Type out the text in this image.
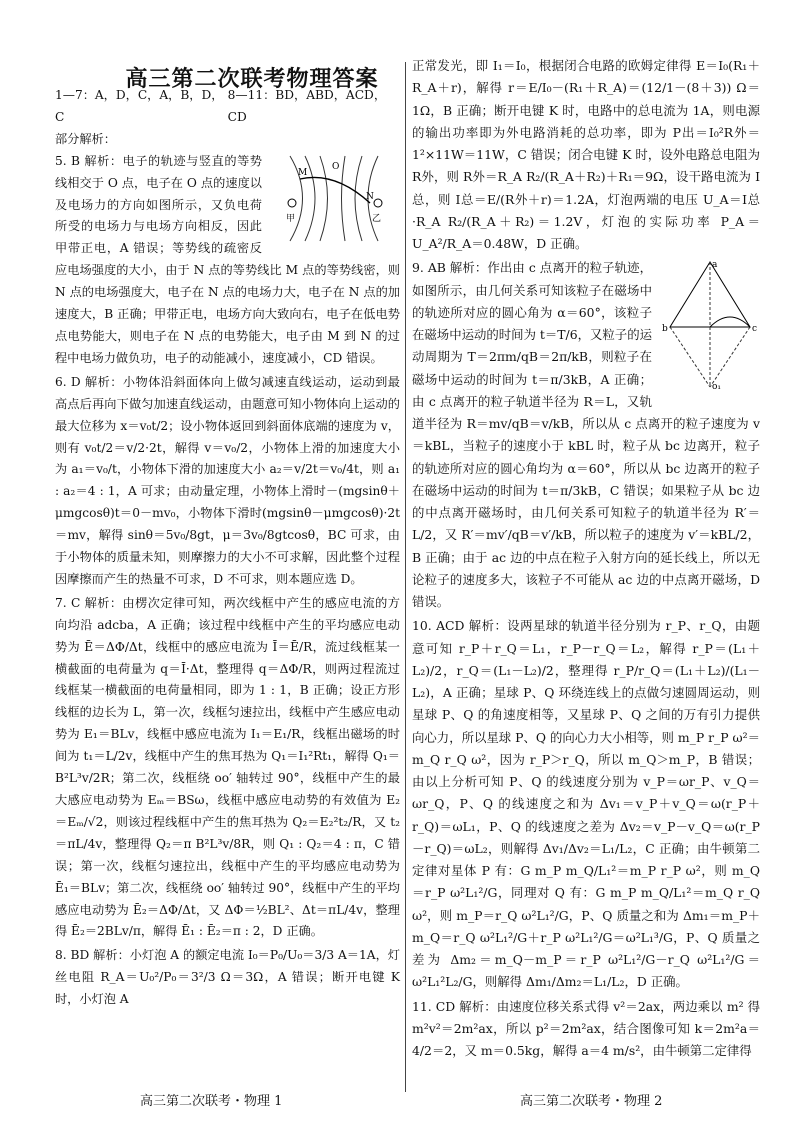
高三第二次联考物理答案
1—7：A，D，C，A，B，D，C
8—11：BD，ABD，ACD，CD
部分解析：
M
N
O
甲	乙

5. B 解析：电子的轨迹与竖直的等势线相交于 O 点，电子在 O 点的速度以及电场力的方向如图所示，又负电荷所受的电场力与电场方向相反，因此甲带正电，A 错误；等势线的疏密反应电场强度的大小，由于 N 点的等势线比 M 点的等势线密，则 N 点的电场强度大，电子在 N 点的电场力大，电子在 N 点的加速度大，B 正确；甲带正电，电场方向大致向右，电子在低电势点电势能大，则电子在 N 点的电势能大，电子由 M 到 N 的过程中电场力做负功，电子的动能减小，速度减小，CD 错误。

6. D 解析：小物体沿斜面体向上做匀减速直线运动，运动到最高点后再向下做匀加速直线运动，由题意可知小物体向上运动的最大位移为 x＝v₀t/2；设小物体返回到斜面体底端的速度为 v，则有 v₀t/2＝v/2·2t，解得 v＝v₀/2，小物体上滑的加速度大小为 a₁＝v₀/t，小物体下滑的加速度大小 a₂＝v/2t＝v₀/4t，则 a₁ : a₂＝4 : 1，A 可求；由动量定理，小物体上滑时－(mgsinθ＋μmgcosθ)t＝0－mv₀，小物体下滑时(mgsinθ－μmgcosθ)·2t＝mv，解得 sinθ＝5v₀/8gt，μ＝3v₀/8gtcosθ，BC 可求，由于小物体的质量未知，则摩擦力的大小不可求解，因此整个过程因摩擦而产生的热量不可求，D 不可求，则本题应选 D。

7. C 解析：由楞次定律可知，两次线框中产生的感应电流的方向均沿 adcba，A 正确；该过程中线框中产生的平均感应电动势为 Ē＝ΔΦ/Δt，线框中的感应电流为 Ī＝Ē/R，流过线框某一横截面的电荷量为 q＝Ī·Δt，整理得 q＝ΔΦ/R，则两过程流过线框某一横截面的电荷量相同，即为 1 : 1，B 正确；设正方形线框的边长为 L，第一次，线框匀速拉出，线框中产生感应电动势为 E₁＝BLv，线框中感应电流为 I₁＝E₁/R，线框出磁场的时间为 t₁＝L/2v，线框中产生的焦耳热为 Q₁＝I₁²Rt₁，解得 Q₁＝B²L³v/2R；第二次，线框绕 oo′ 轴转过 90°，线框中产生的最大感应电动势为 Eₘ＝BSω，线框中感应电动势的有效值为 E₂＝Eₘ/√2，则该过程线框中产生的焦耳热为 Q₂＝E₂²t₂/R，又 t₂＝πL/4v，整理得 Q₂＝π B²L³v/8R，则 Q₁ : Q₂＝4 : π，C 错误；第一次，线框匀速拉出，线框中产生的平均感应电动势为 Ē₁＝BLv；第二次，线框绕 oo′ 轴转过 90°，线框中产生的平均感应电动势为 Ē₂＝ΔΦ/Δt，又 ΔΦ＝½BL²、Δt＝πL/4v，整理得 Ē₂＝2BLv/π，解得 Ē₁ : Ē₂＝π : 2，D 正确。

8. BD 解析：小灯泡 A 的额定电流 I₀＝P₀/U₀＝3/3 A＝1A，灯丝电阻 R_A＝U₀²/P₀＝3²/3 Ω＝3Ω，A 错误；断开电键 K 时，小灯泡 A

正常发光，即 I₁＝I₀，根据闭合电路的欧姆定律得 E＝I₀(R₁＋R_A＋r)，解得 r＝E/I₀－(R₁＋R_A)＝(12/1－(8＋3)) Ω＝1Ω，B 正确；断开电键 K 时，电路中的总电流为 1A，则电源的输出功率即为外电路消耗的总功率，即为 P出＝I₀²R外＝1²×11W＝11W，C 错误；闭合电键 K 时，设外电路总电阻为 R外，则 R外＝R_A R₂/(R_A＋R₂)＋R₁＝9Ω，设干路电流为 I总，则 I总＝E/(R外＋r)＝1.2A，灯泡两端的电压 U_A＝I总·R_A R₂/(R_A＋R₂)＝1.2V，灯泡的实际功率 P_A＝U_A²/R_A＝0.48W，D 正确。

a
b	c
o₁

9. AB 解析：作出由 c 点离开的粒子轨迹，如图所示，由几何关系可知该粒子在磁场中的轨迹所对应的圆心角为 α＝60°，该粒子在磁场中运动的时间为 t＝T/6，又粒子的运动周期为 T＝2πm/qB＝2π/kB，则粒子在磁场中运动的时间为 t＝π/3kB，A 正确；由 c 点离开的粒子轨道半径为 R＝L，又轨道半径为 R＝mv/qB＝v/kB，所以从 c 点离开的粒子速度为 v＝kBL，当粒子的速度小于 kBL 时，粒子从 bc 边离开，粒子的轨迹所对应的圆心角均为 α＝60°，所以从 bc 边离开的粒子在磁场中运动的时间为 t＝π/3kB，C 错误；如果粒子从 bc 边的中点离开磁场时，由几何关系可知粒子的轨道半径为 R′＝L/2，又 R′＝mv′/qB＝v′/kB，所以粒子的速度为 v′＝kBL/2，B 正确；由于 ac 边的中点在粒子入射方向的延长线上，所以无论粒子的速度多大，该粒子不可能从 ac 边的中点离开磁场，D 错误。

10. ACD 解析：设两星球的轨道半径分别为 r_P、r_Q，由题意可知 r_P＋r_Q＝L₁，r_P－r_Q＝L₂，解得 r_P＝(L₁＋L₂)/2，r_Q＝(L₁－L₂)/2，整理得 r_P/r_Q＝(L₁＋L₂)/(L₁－L₂)，A 正确；星球 P、Q 环绕连线上的点做匀速圆周运动，则星球 P、Q 的角速度相等，又星球 P、Q 之间的万有引力提供向心力，所以星球 P、Q 的向心力大小相等，则 m_P r_P ω²＝m_Q r_Q ω²，因为 r_P＞r_Q，所以 m_Q＞m_P，B 错误；由以上分析可知 P、Q 的线速度分别为 v_P＝ωr_P、v_Q＝ωr_Q，P、Q 的线速度之和为 Δv₁＝v_P＋v_Q＝ω(r_P＋r_Q)＝ωL₁，P、Q 的线速度之差为 Δv₂＝v_P－v_Q＝ω(r_P－r_Q)＝ωL₂，则解得 Δv₁/Δv₂＝L₁/L₂，C 正确；由牛顿第二定律对星体 P 有：G m_P m_Q/L₁²＝m_P r_P ω²，则 m_Q＝r_P ω²L₁²/G，同理对 Q 有：G m_P m_Q/L₁²＝m_Q r_Q ω²，则 m_P＝r_Q ω²L₁²/G，P、Q 质量之和为 Δm₁＝m_P＋m_Q＝r_Q ω²L₁²/G＋r_P ω²L₁²/G＝ω²L₁³/G，P、Q 质量之差为 Δm₂＝m_Q－m_P＝r_P ω²L₁²/G－r_Q ω²L₁²/G＝ω²L₁²L₂/G，则解得 Δm₁/Δm₂＝L₁/L₂，D 正确。

11. CD 解析：由速度位移关系式得 v²＝2ax，两边乘以 m² 得 m²v²＝2m²ax，所以 p²＝2m²ax，结合图像可知 k＝2m²a＝4/2＝2，又 m＝0.5kg，解得 a＝4 m/s²，由牛顿第二定律得

高三第二次联考・物理 1	高三第二次联考・物理 2
